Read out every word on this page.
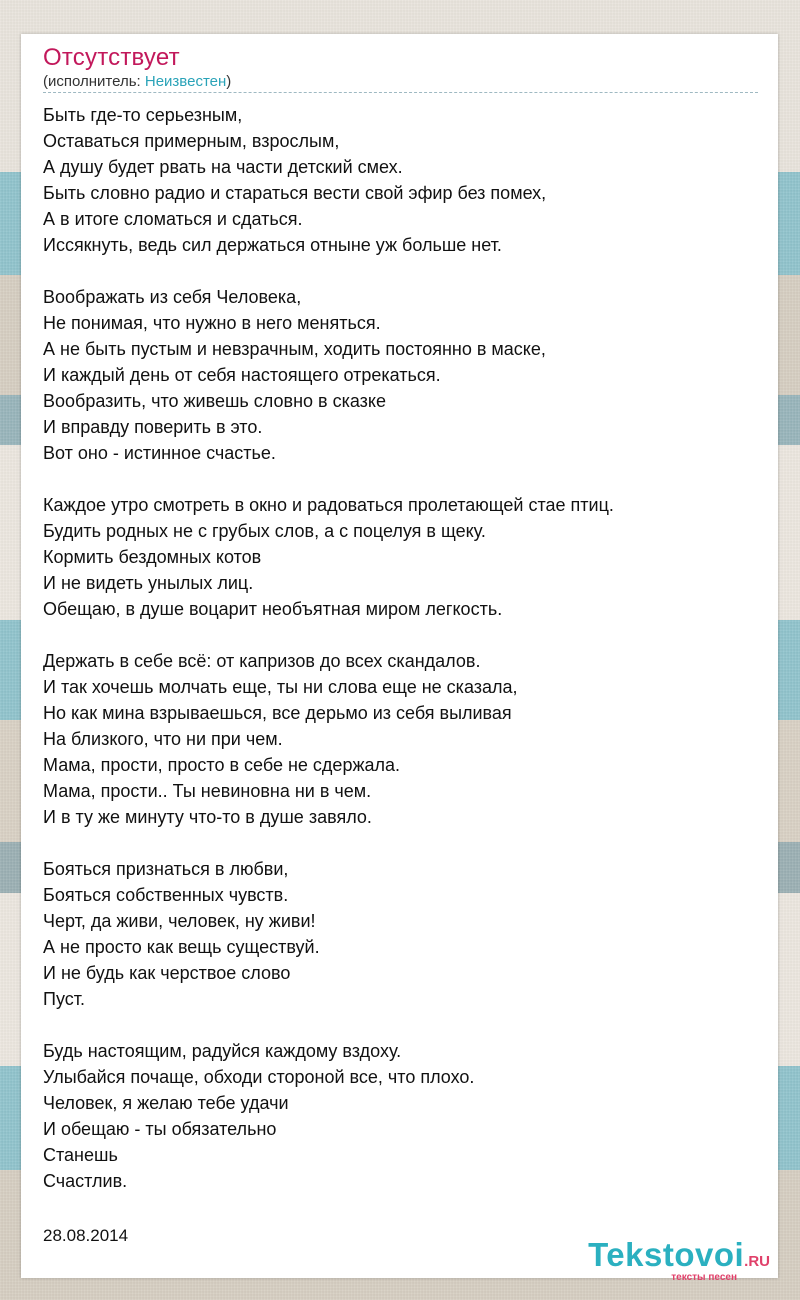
Отсутствует
(исполнитель: Неизвестен)
Быть где-то серьезным,
Оставаться примерным, взрослым,
А душу будет рвать на части детский смех.
Быть словно радио и стараться вести свой эфир без помех,
А в итоге сломаться и сдаться.
Иссякнуть, ведь сил держаться отныне уж больше нет.
Воображать из себя Человека,
Не понимая, что нужно в него меняться.
А не быть пустым и невзрачным, ходить постоянно в маске,
И каждый день от себя настоящего отрекаться.
Вообразить, что живешь словно в сказке
И вправду поверить в это.
Вот оно - истинное счастье.
Каждое утро смотреть в окно и радоваться пролетающей стае птиц.
Будить родных не с грубых слов, а с поцелуя в щеку.
Кормить бездомных котов
И не видеть унылых лиц.
Обещаю, в душе воцарит необъятная миром легкость.
Держать в себе всё: от капризов до всех скандалов.
И так хочешь молчать еще, ты ни слова еще не сказала,
Но как мина взрываешься, все дерьмо из себя выливая
На близкого, что ни при чем.
Мама, прости, просто в себе не сдержала.
Мама, прости.. Ты невиновна ни в чем.
И в ту же минуту что-то в душе завяло.
Бояться признаться в любви,
Бояться собственных чувств.
Черт, да живи, человек, ну живи!
А не просто как вещь существуй.
И не будь как черствое слово
Пуст.
Будь настоящим, радуйся каждому вздоху.
Улыбайся почаще, обходи стороной все, что плохо.
Человек, я желаю тебе удачи
И обещаю - ты обязательно
Станешь
Счастлив.
28.08.2014
Tekstovoi.RU
тексты песен
